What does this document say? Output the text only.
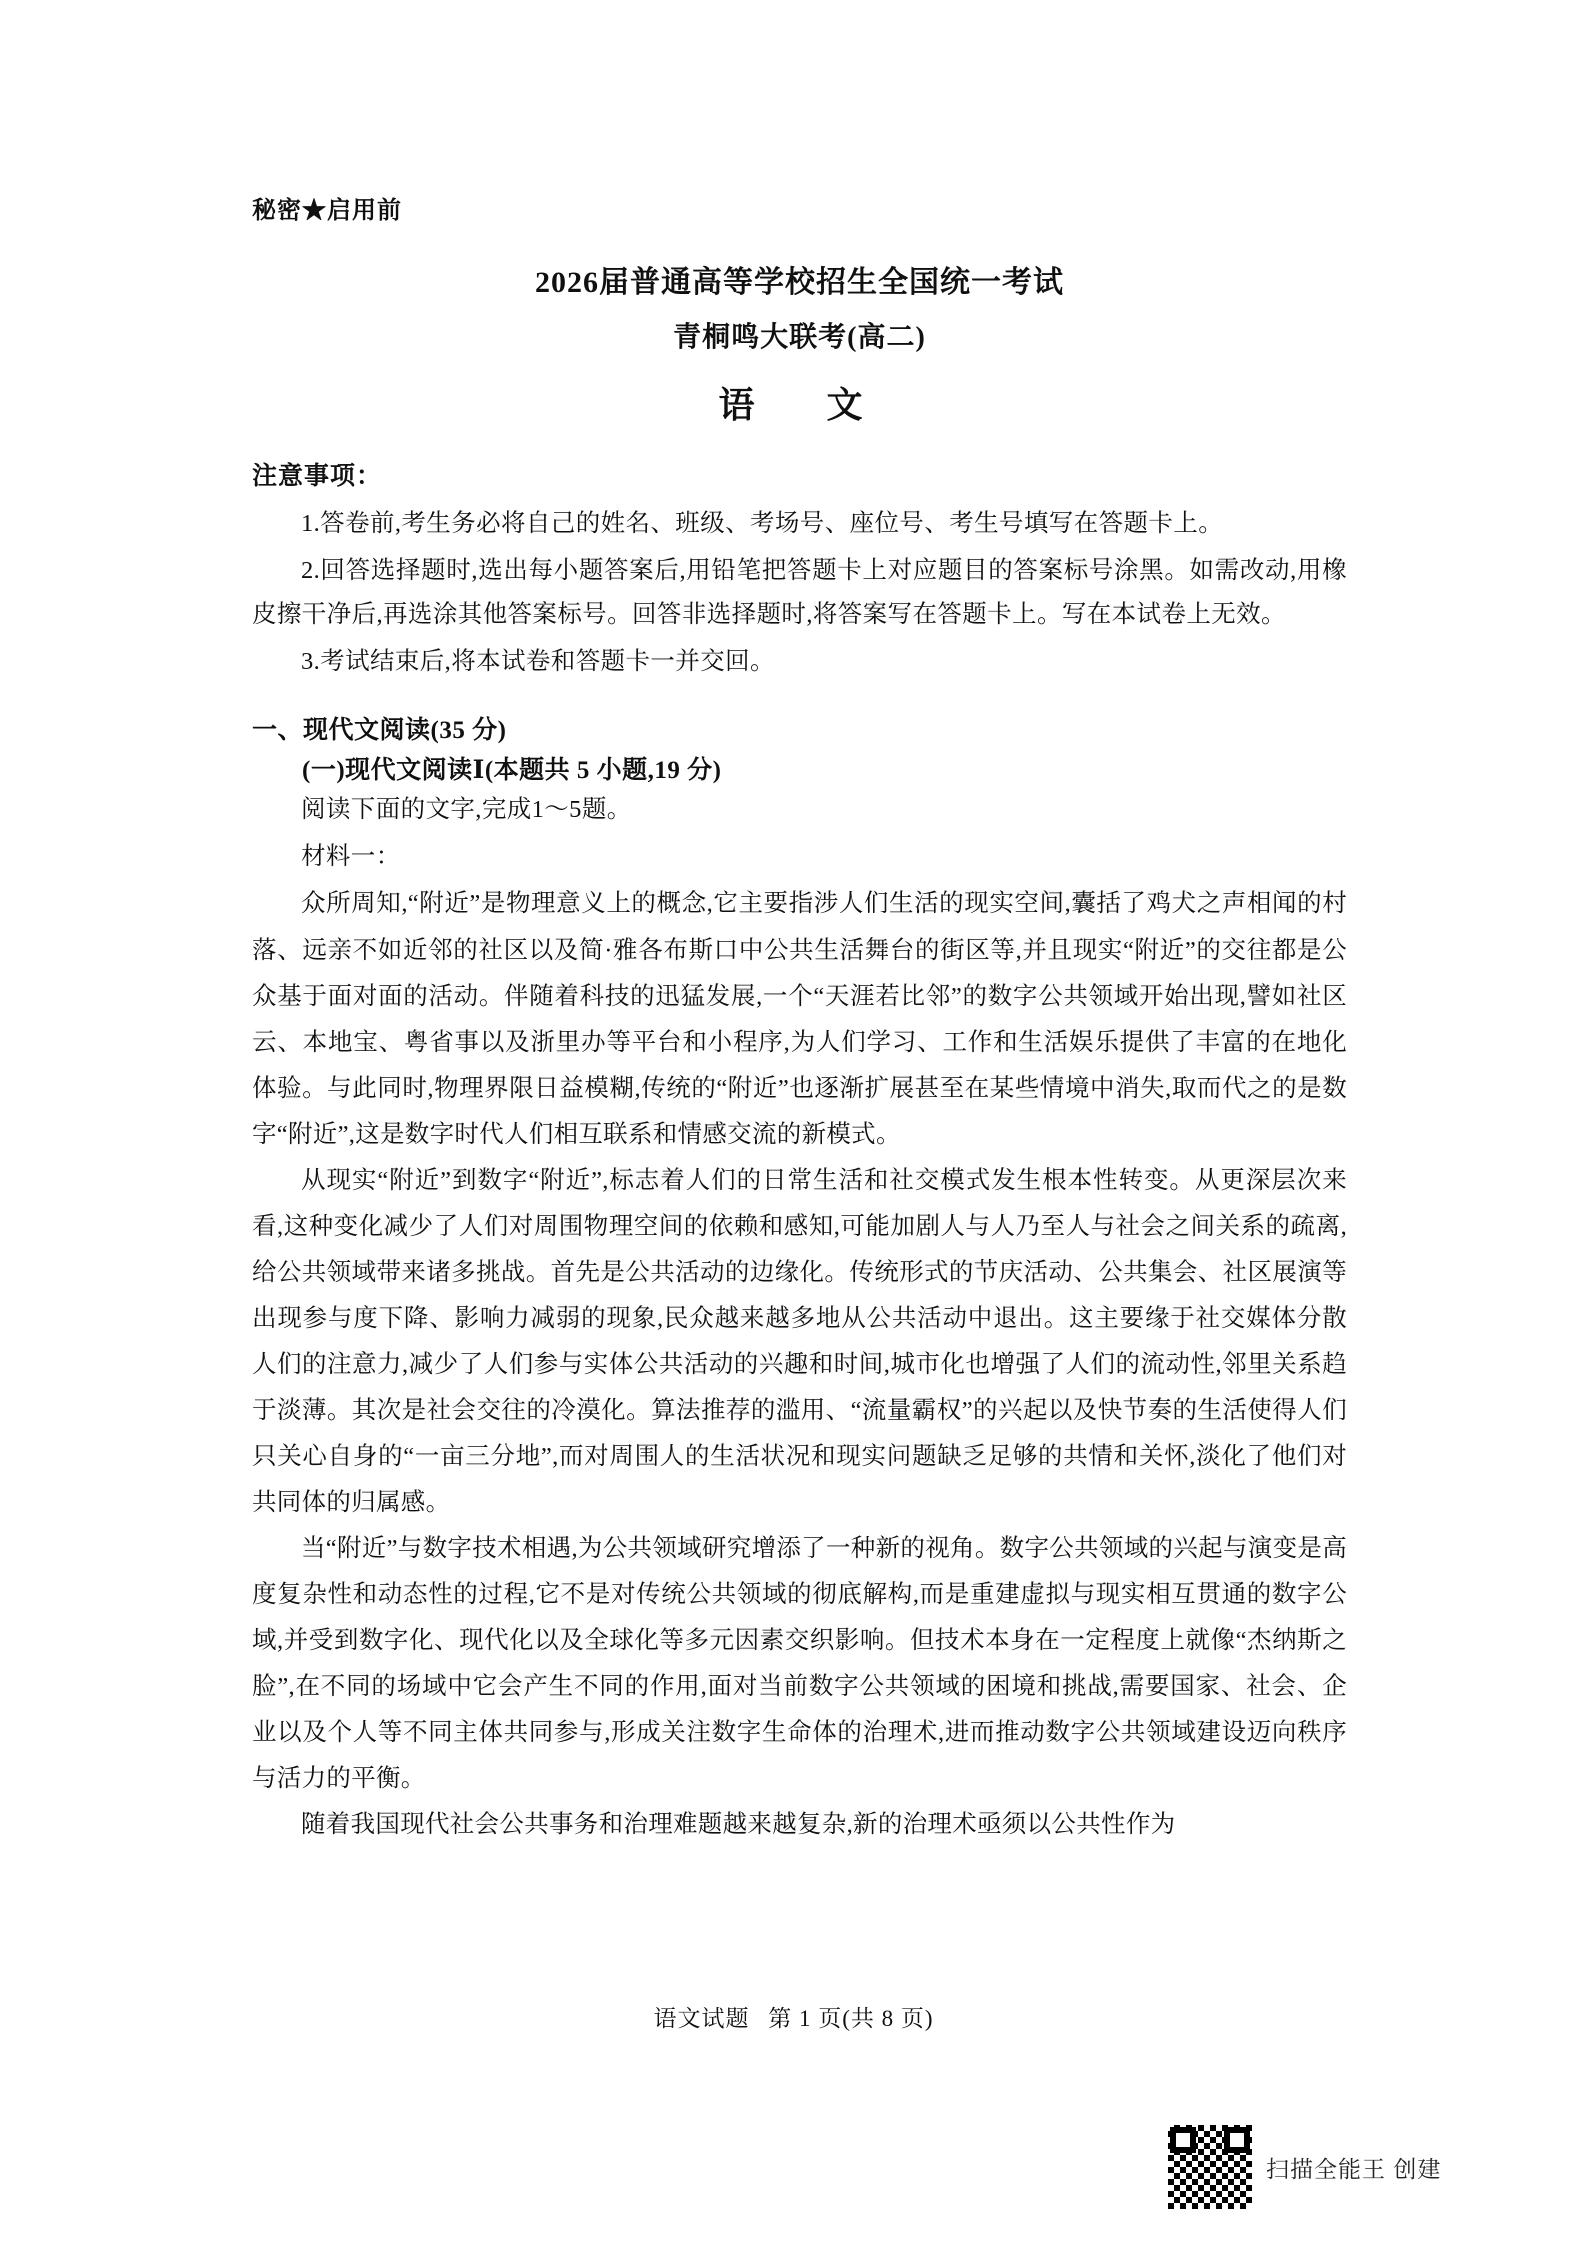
秘密★启用前
2026届普通高等学校招生全国统一考试
青桐鸣大联考(高二)
语　文
注意事项：

1.答卷前,考生务必将自己的姓名、班级、考场号、座位号、考生号填写在答题卡上。

2.回答选择题时,选出每小题答案后,用铅笔把答题卡上对应题目的答案标号涂黑。如需改动,用橡皮擦干净后,再选涂其他答案标号。回答非选择题时,将答案写在答题卡上。写在本试卷上无效。

3.考试结束后,将本试卷和答题卡一并交回。

一、现代文阅读(35 分)
(一)现代文阅读Ⅰ(本题共 5 小题,19 分)

阅读下面的文字,完成1～5题。

材料一：

众所周知,“附近”是物理意义上的概念,它主要指涉人们生活的现实空间,囊括了鸡犬之声相闻的村落、远亲不如近邻的社区以及简·雅各布斯口中公共生活舞台的街区等,并且现实“附近”的交往都是公众基于面对面的活动。伴随着科技的迅猛发展,一个“天涯若比邻”的数字公共领域开始出现,譬如社区云、本地宝、粤省事以及浙里办等平台和小程序,为人们学习、工作和生活娱乐提供了丰富的在地化体验。与此同时,物理界限日益模糊,传统的“附近”也逐渐扩展甚至在某些情境中消失,取而代之的是数字“附近”,这是数字时代人们相互联系和情感交流的新模式。

从现实“附近”到数字“附近”,标志着人们的日常生活和社交模式发生根本性转变。从更深层次来看,这种变化减少了人们对周围物理空间的依赖和感知,可能加剧人与人乃至人与社会之间关系的疏离,给公共领域带来诸多挑战。首先是公共活动的边缘化。传统形式的节庆活动、公共集会、社区展演等出现参与度下降、影响力减弱的现象,民众越来越多地从公共活动中退出。这主要缘于社交媒体分散人们的注意力,减少了人们参与实体公共活动的兴趣和时间,城市化也增强了人们的流动性,邻里关系趋于淡薄。其次是社会交往的冷漠化。算法推荐的滥用、“流量霸权”的兴起以及快节奏的生活使得人们只关心自身的“一亩三分地”,而对周围人的生活状况和现实问题缺乏足够的共情和关怀,淡化了他们对共同体的归属感。

当“附近”与数字技术相遇,为公共领域研究增添了一种新的视角。数字公共领域的兴起与演变是高度复杂性和动态性的过程,它不是对传统公共领域的彻底解构,而是重建虚拟与现实相互贯通的数字公域,并受到数字化、现代化以及全球化等多元因素交织影响。但技术本身在一定程度上就像“杰纳斯之脸”,在不同的场域中它会产生不同的作用,面对当前数字公共领域的困境和挑战,需要国家、社会、企业以及个人等不同主体共同参与,形成关注数字生命体的治理术,进而推动数字公共领域建设迈向秩序与活力的平衡。

随着我国现代社会公共事务和治理难题越来越复杂,新的治理术亟须以公共性作为

语文试题 第 1 页(共 8 页)
扫描全能王 创建
